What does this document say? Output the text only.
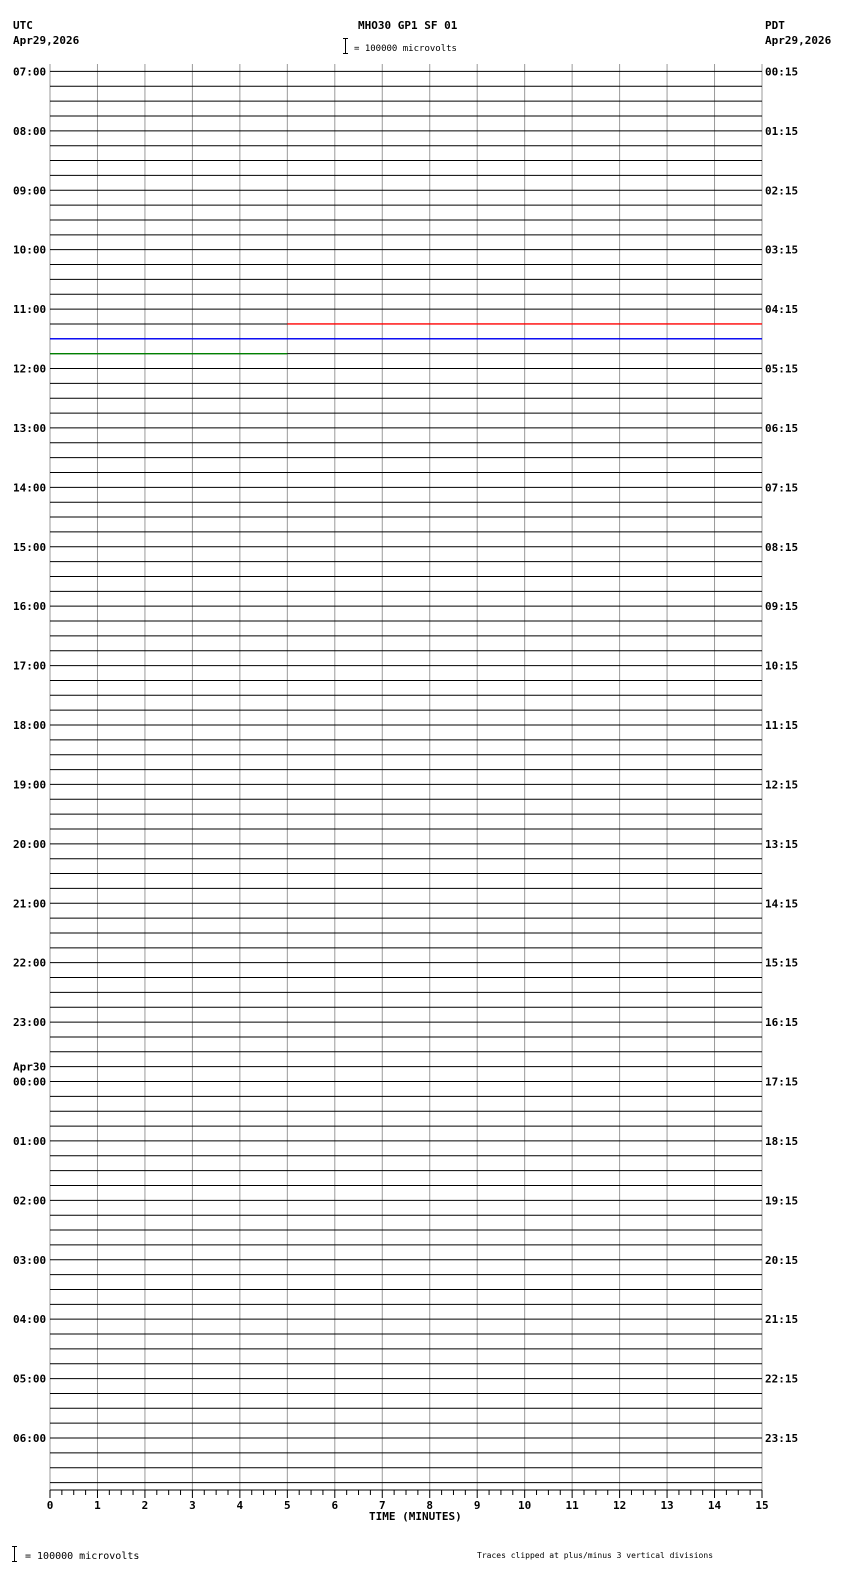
UTC
Apr29,2026
MHO30 GP1 SF 01
= 100000 microvolts
PDT
Apr29,2026
07:00
08:00
09:00
10:00
11:00
12:00
13:00
14:00
15:00
16:00
17:00
18:00
19:00
20:00
21:00
22:00
23:00
00:00
Apr30
01:00
02:00
03:00
04:00
05:00
06:00
00:15
01:15
02:15
03:15
04:15
05:15
06:15
07:15
08:15
09:15
10:15
11:15
12:15
13:15
14:15
15:15
16:15
17:15
18:15
19:15
20:15
21:15
22:15
23:15
0	1	2	3	4	5	6	7	8	9	10	11	12	13	14	15
TIME (MINUTES)
= 100000 microvolts	Traces clipped at plus/minus 3 vertical divisions
